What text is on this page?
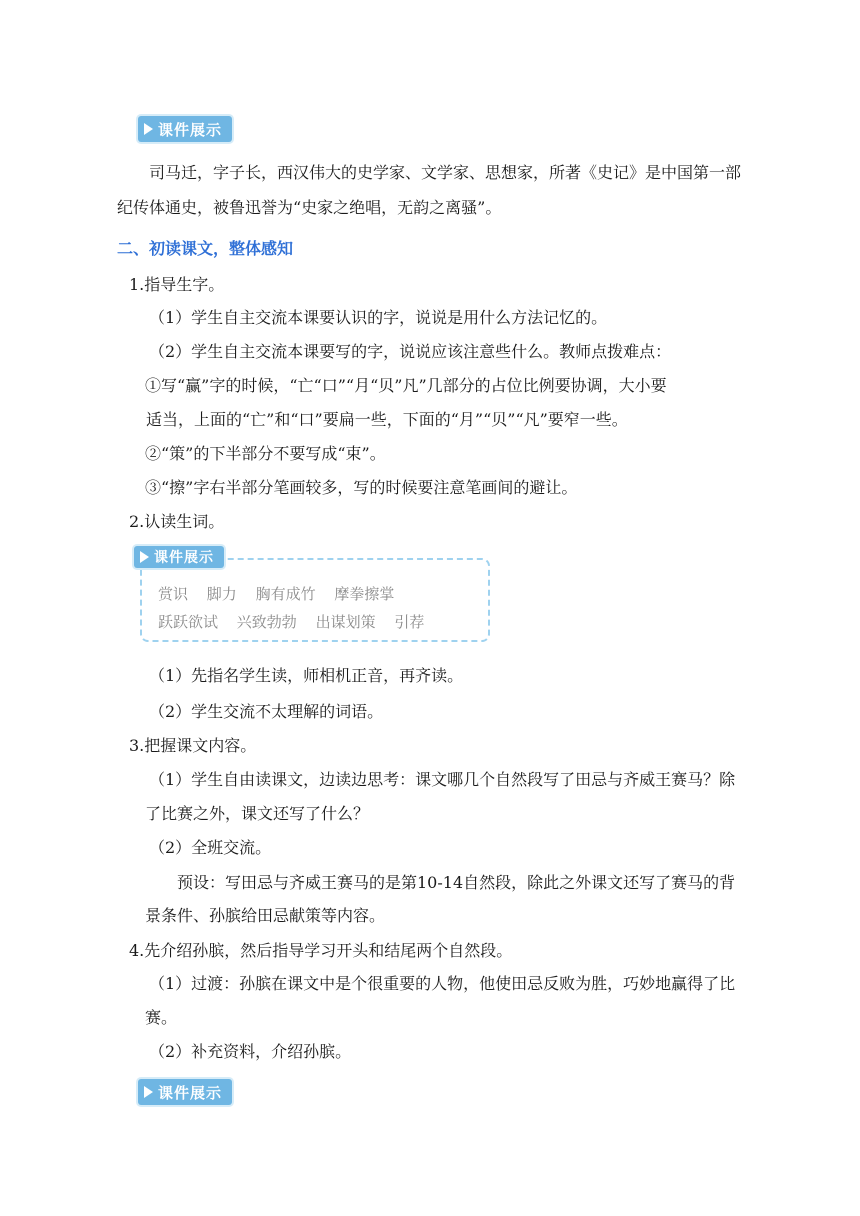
课件展示
司马迁，字子长，西汉伟大的史学家、文学家、思想家，所著《史记》是中国第一部
纪传体通史，被鲁迅誉为“史家之绝唱，无韵之离骚”。
二、初读课文，整体感知
1.指导生字。
（1）学生自主交流本课要认识的字，说说是用什么方法记忆的。
（2）学生自主交流本课要写的字，说说应该注意些什么。教师点拨难点：
①写“赢”字的时候，“亡“口”“月“贝”凡”几部分的占位比例要协调，大小要
适当，上面的“亡”和“口”要扁一些，下面的“月”“贝”“凡”要窄一些。
②“策”的下半部分不要写成“束”。
③“擦”字右半部分笔画较多，写的时候要注意笔画间的避让。
2.认读生词。
课件展示
赏识 脚力 胸有成竹 摩拳擦掌
跃跃欲试 兴致勃勃 出谋划策 引荐
（1）先指名学生读，师相机正音，再齐读。
（2）学生交流不太理解的词语。
3.把握课文内容。
（1）学生自由读课文，边读边思考：课文哪几个自然段写了田忌与齐威王赛马？除
了比赛之外，课文还写了什么？
（2）全班交流。
预设：写田忌与齐威王赛马的是第10-14自然段，除此之外课文还写了赛马的背
景条件、孙膑给田忌献策等内容。
4.先介绍孙膑，然后指导学习开头和结尾两个自然段。
（1）过渡：孙膑在课文中是个很重要的人物，他使田忌反败为胜，巧妙地赢得了比
赛。
（2）补充资料，介绍孙膑。
课件展示
